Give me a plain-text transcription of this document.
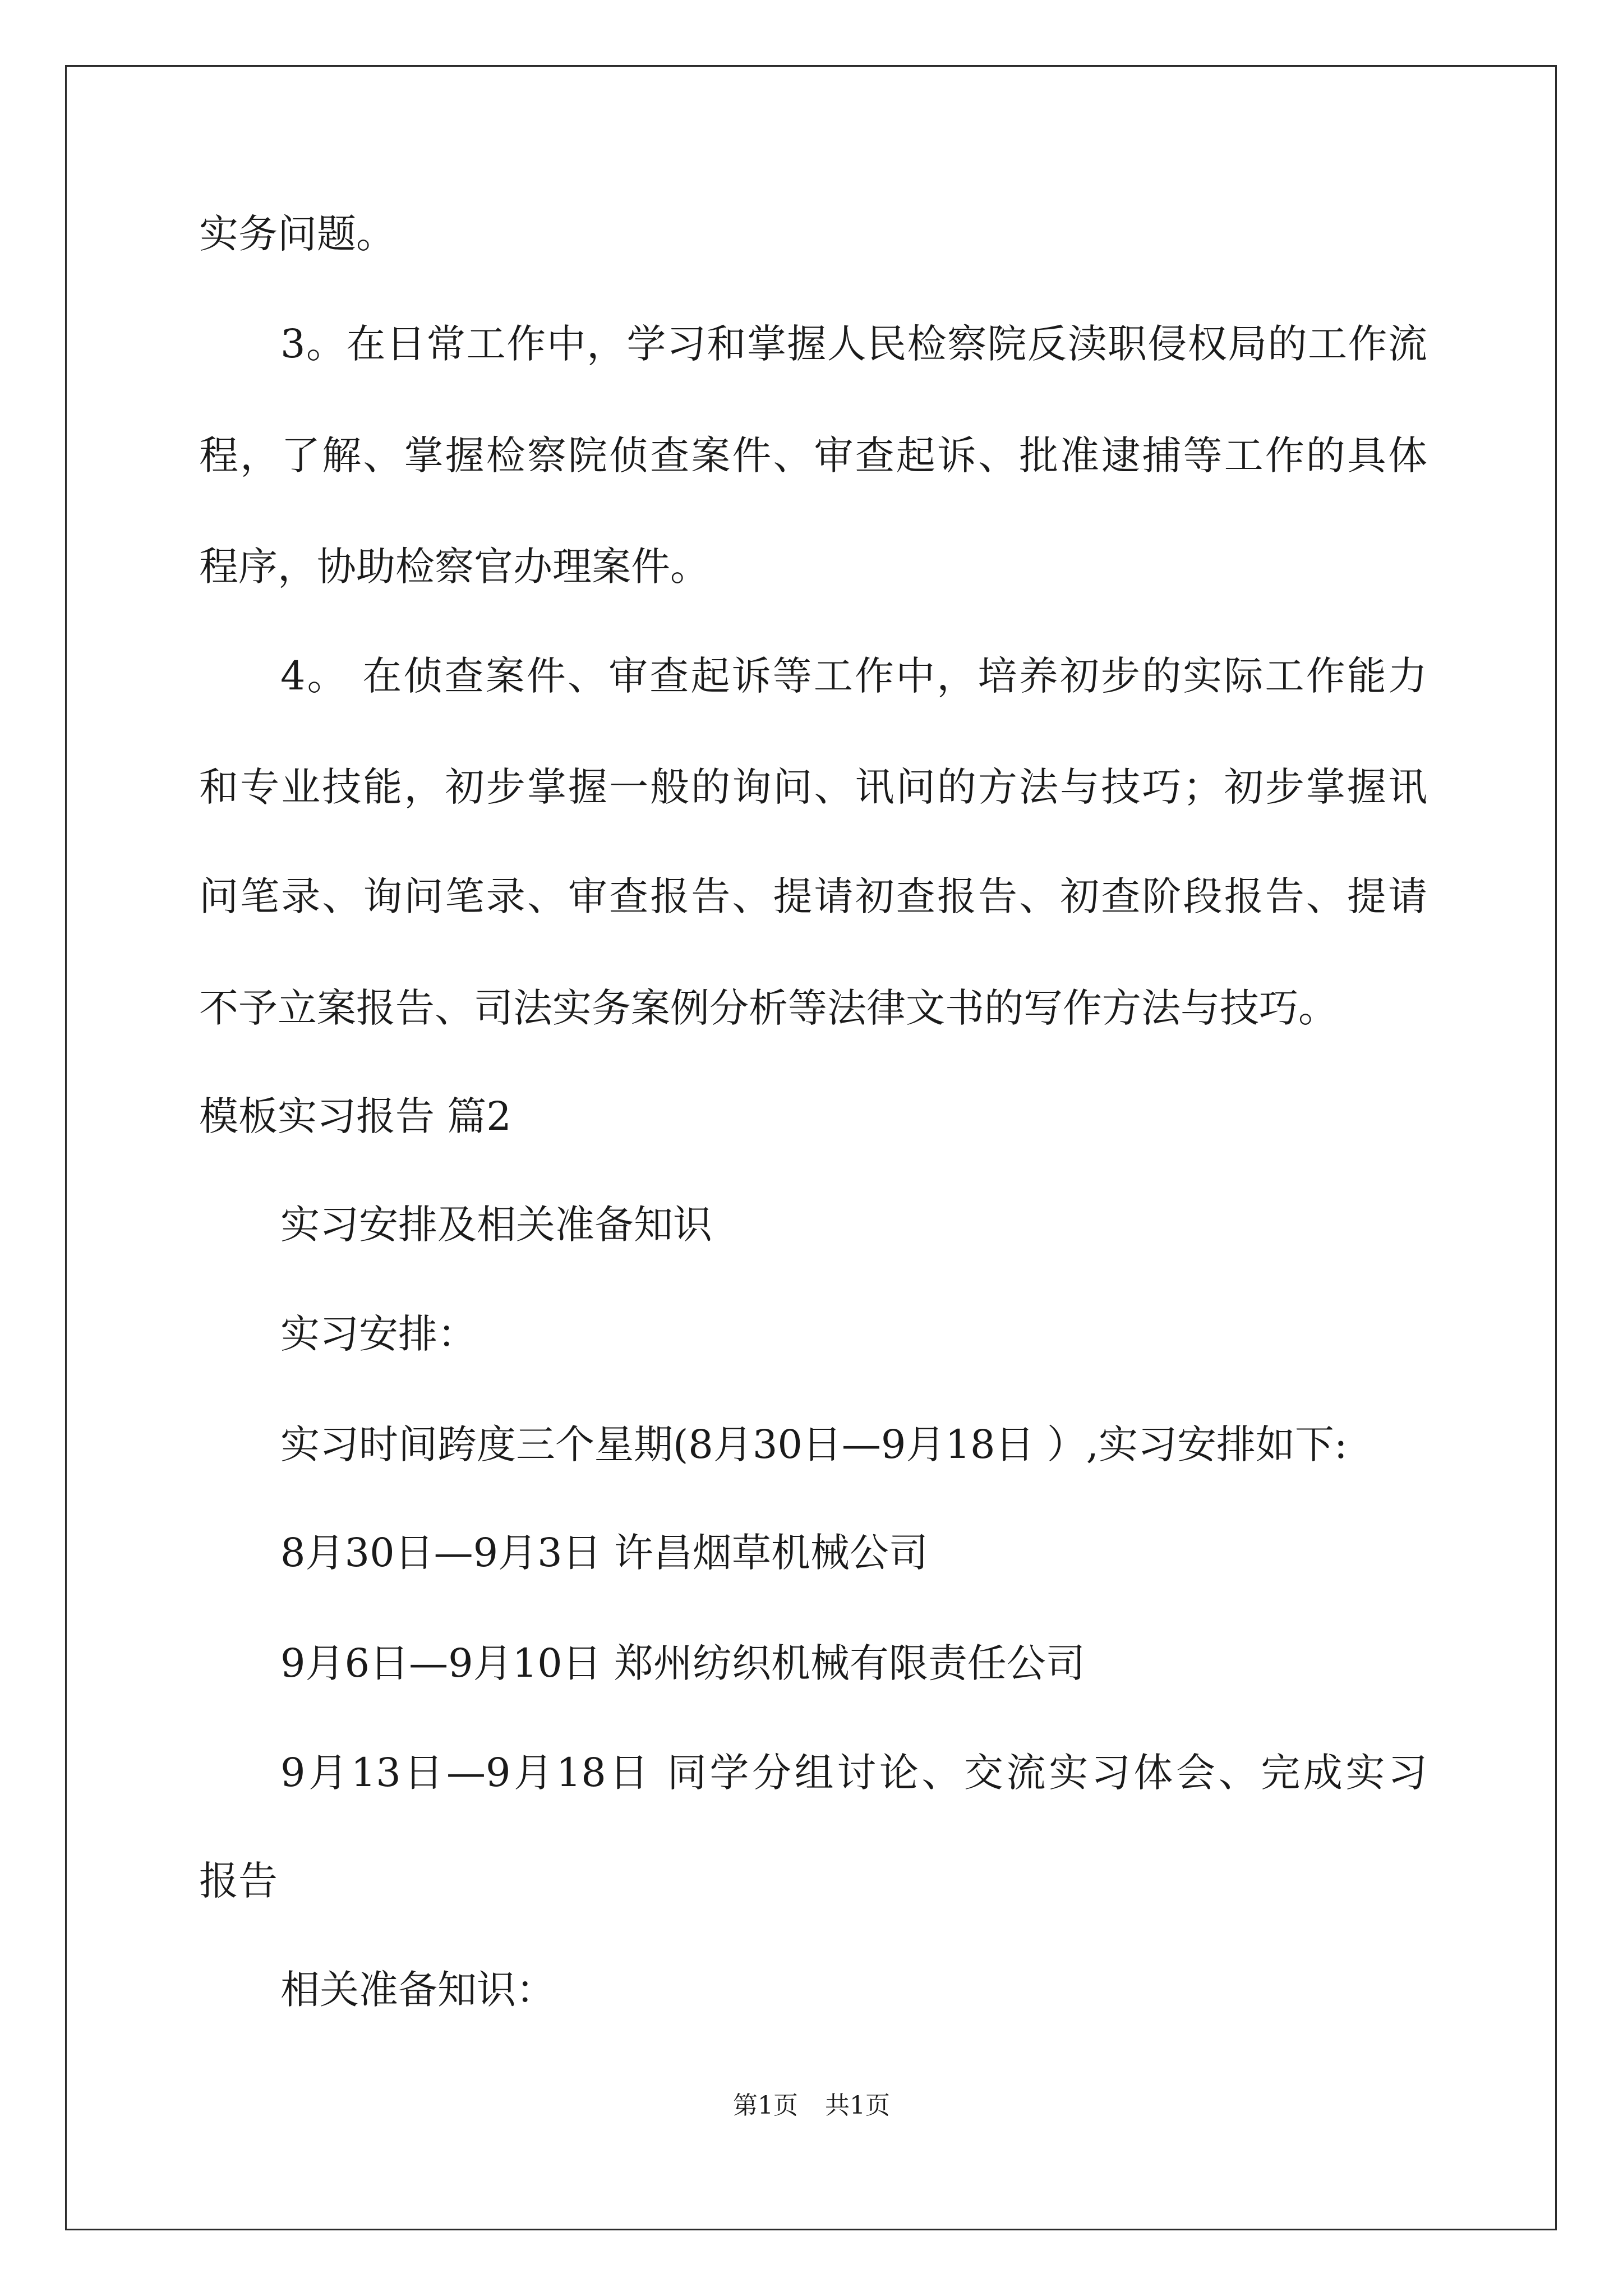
实务问题。
3。在日常工作中，学习和掌握人民检察院反渎职侵权局的工作流
程，了解、掌握检察院侦查案件、审查起诉、批准逮捕等工作的具体
程序，协助检察官办理案件。
4。 在侦查案件、审查起诉等工作中，培养初步的实际工作能力
和专业技能，初步掌握一般的询问、讯问的方法与技巧；初步掌握讯
问笔录、询问笔录、审查报告、提请初查报告、初查阶段报告、提请
不予立案报告、司法实务案例分析等法律文书的写作方法与技巧。
模板实习报告 篇2
实习安排及相关准备知识
实习安排：
实习时间跨度三个星期(8月30日—9月18日 ）,实习安排如下:
8月30日—9月3日 许昌烟草机械公司
9月6日—9月10日 郑州纺织机械有限责任公司
9月13日—9月18日 同学分组讨论、交流实习体会、完成实习
报告
相关准备知识：
第1页 共1页
